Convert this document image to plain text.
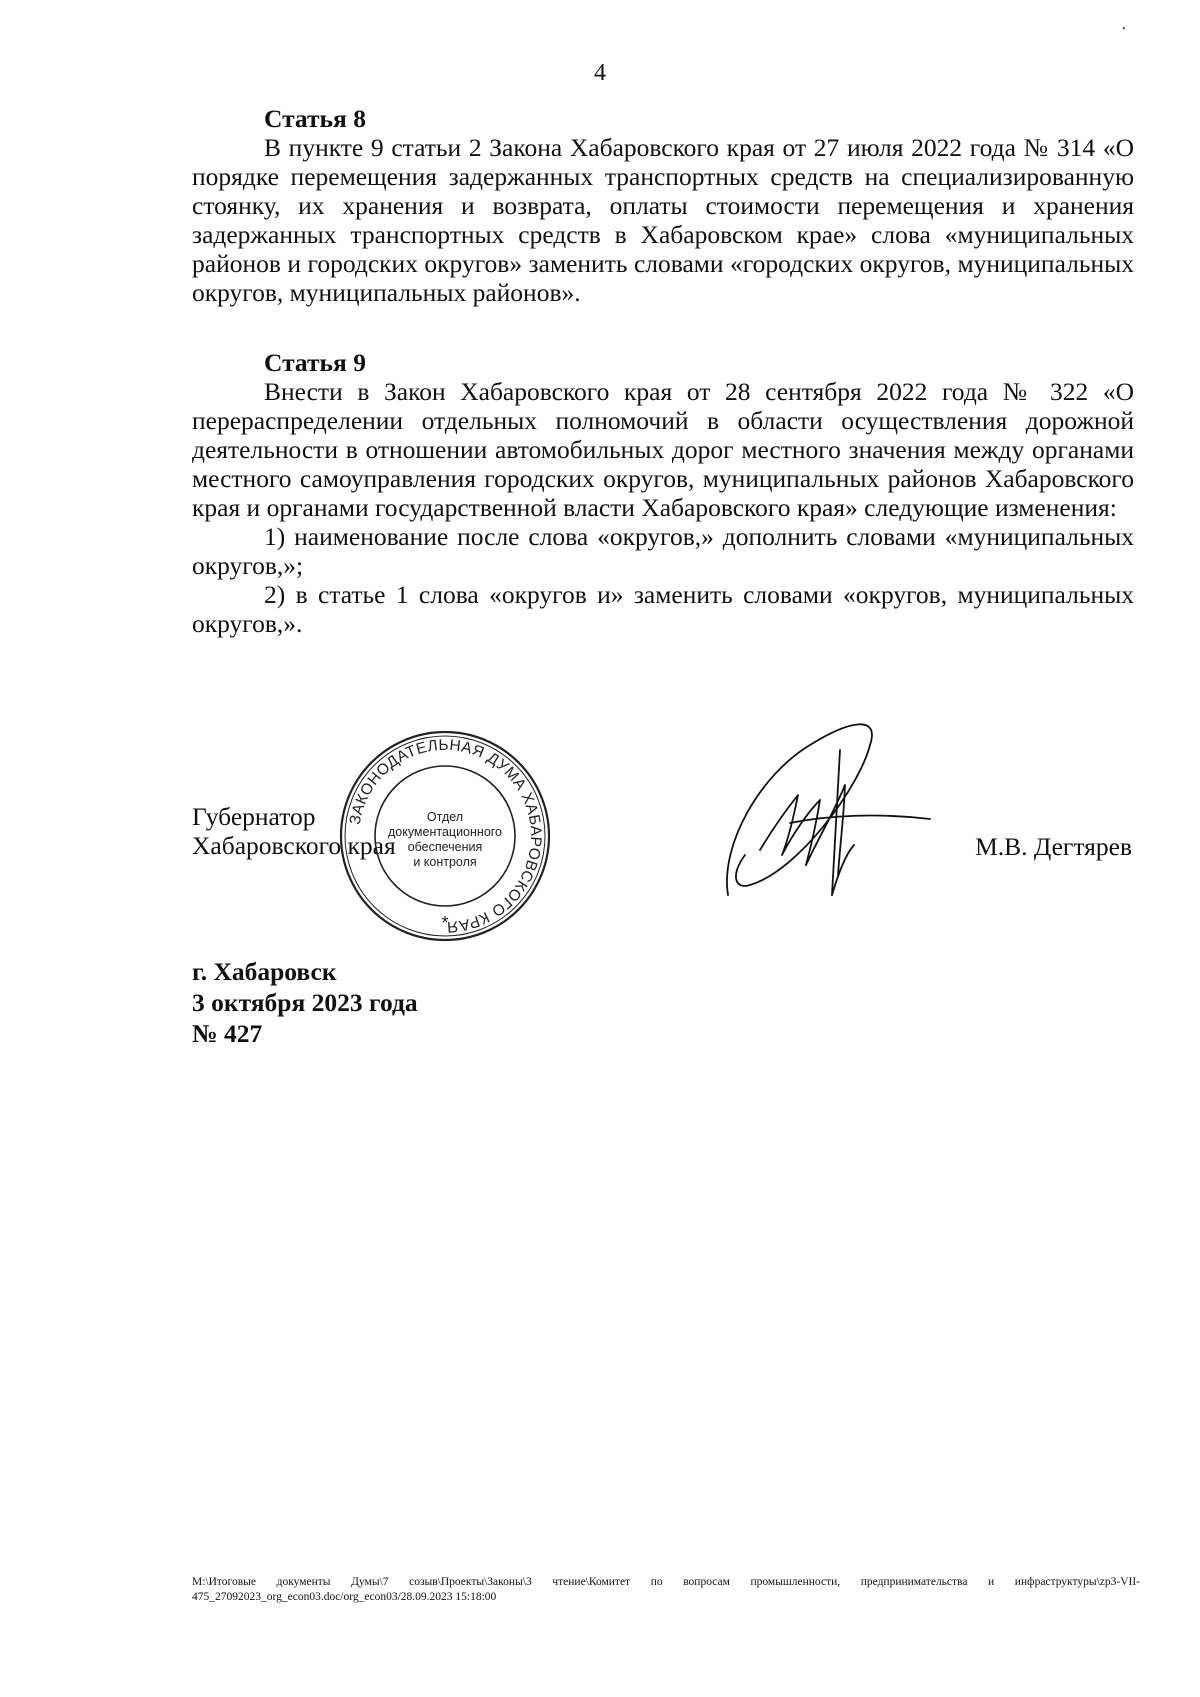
4

Статья 8

В пункте 9 статьи 2 Закона Хабаровского края от 27 июля 2022 года № 314 «О порядке перемещения задержанных транспортных средств на специализированную стоянку, их хранения и возврата, оплаты стоимости перемещения и хранения задержанных транспортных средств в Хабаровском крае» слова «муниципальных районов и городских округов» заменить словами «городских округов, муниципальных округов, муниципальных районов».

Статья 9

Внести в Закон Хабаровского края от 28 сентября 2022 года № 322 «О перераспределении отдельных полномочий в области осуществления дорожной деятельности в отношении автомобильных дорог местного значения между органами местного самоуправления городских округов, муниципальных районов Хабаровского края и органами государственной власти Хабаровского края» следующие изменения:

1) наименование после слова «округов,» дополнить словами «муниципальных округов,»;

2) в статье 1 слова «округов и» заменить словами «округов, муниципальных округов,».

Губернатор
Хабаровского края
ЗАКОНОДАТЕЛЬНАЯ ДУМА ХАБАРОВСКОГО КРАЯ
Отдел
документационного
обеспечения
и контроля
*
М.В. Дегтярев
г. Хабаровск
3 октября 2023 года
№ 427
M:\Итоговые документы Думы\7 созыв\Проекты\Законы\3 чтение\Комитет по вопросам промышленности, предпринимательства и инфраструктуры\zp3-VII-475_27092023_org_econ03.doc/org_econ03/28.09.2023 15:18:00
•
